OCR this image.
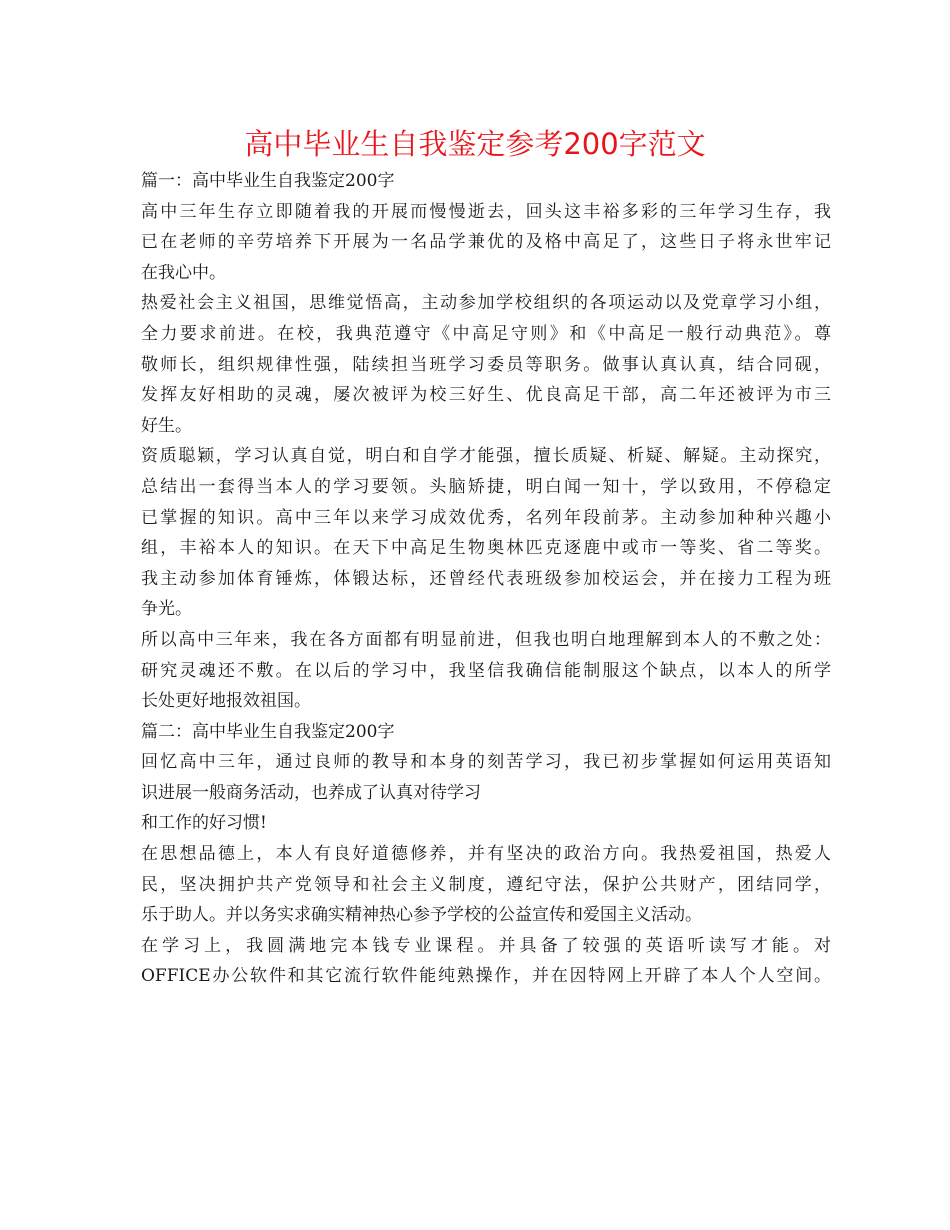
高中毕业生自我鉴定参考200字范文
篇一：高中毕业生自我鉴定200字
高中三年生存立即随着我的开展而慢慢逝去，回头这丰裕多彩的三年学习生存，我
已在老师的辛劳培养下开展为一名品学兼优的及格中高足了，这些日子将永世牢记
在我心中。
热爱社会主义祖国，思维觉悟高，主动参加学校组织的各项运动以及党章学习小组，
全力要求前进。在校，我典范遵守《中高足守则》和《中高足一般行动典范》。尊
敬师长，组织规律性强，陆续担当班学习委员等职务。做事认真认真，结合同砚，
发挥友好相助的灵魂，屡次被评为校三好生、优良高足干部，高二年还被评为市三
好生。
资质聪颖，学习认真自觉，明白和自学才能强，擅长质疑、析疑、解疑。主动探究，
总结出一套得当本人的学习要领。头脑矫捷，明白闻一知十，学以致用，不停稳定
已掌握的知识。高中三年以来学习成效优秀，名列年段前茅。主动参加种种兴趣小
组，丰裕本人的知识。在天下中高足生物奥林匹克逐鹿中或市一等奖、省二等奖。
我主动参加体育锤炼，体锻达标，还曾经代表班级参加校运会，并在接力工程为班
争光。
所以高中三年来，我在各方面都有明显前进，但我也明白地理解到本人的不敷之处：
研究灵魂还不敷。在以后的学习中，我坚信我确信能制服这个缺点，以本人的所学
长处更好地报效祖国。
篇二：高中毕业生自我鉴定200字
回忆高中三年，通过良师的教导和本身的刻苦学习，我已初步掌握如何运用英语知
识进展一般商务活动，也养成了认真对待学习
和工作的好习惯!
在思想品德上，本人有良好道德修养，并有坚决的政治方向。我热爱祖国，热爱人
民，坚决拥护共产党领导和社会主义制度，遵纪守法，保护公共财产，团结同学，
乐于助人。并以务实求确实精神热心参予学校的公益宣传和爱国主义活动。
在学习上，我圆满地完本钱专业课程。并具备了较强的英语听读写才能。对
OFFICE办公软件和其它流行软件能纯熟操作，并在因特网上开辟了本人个人空间。
